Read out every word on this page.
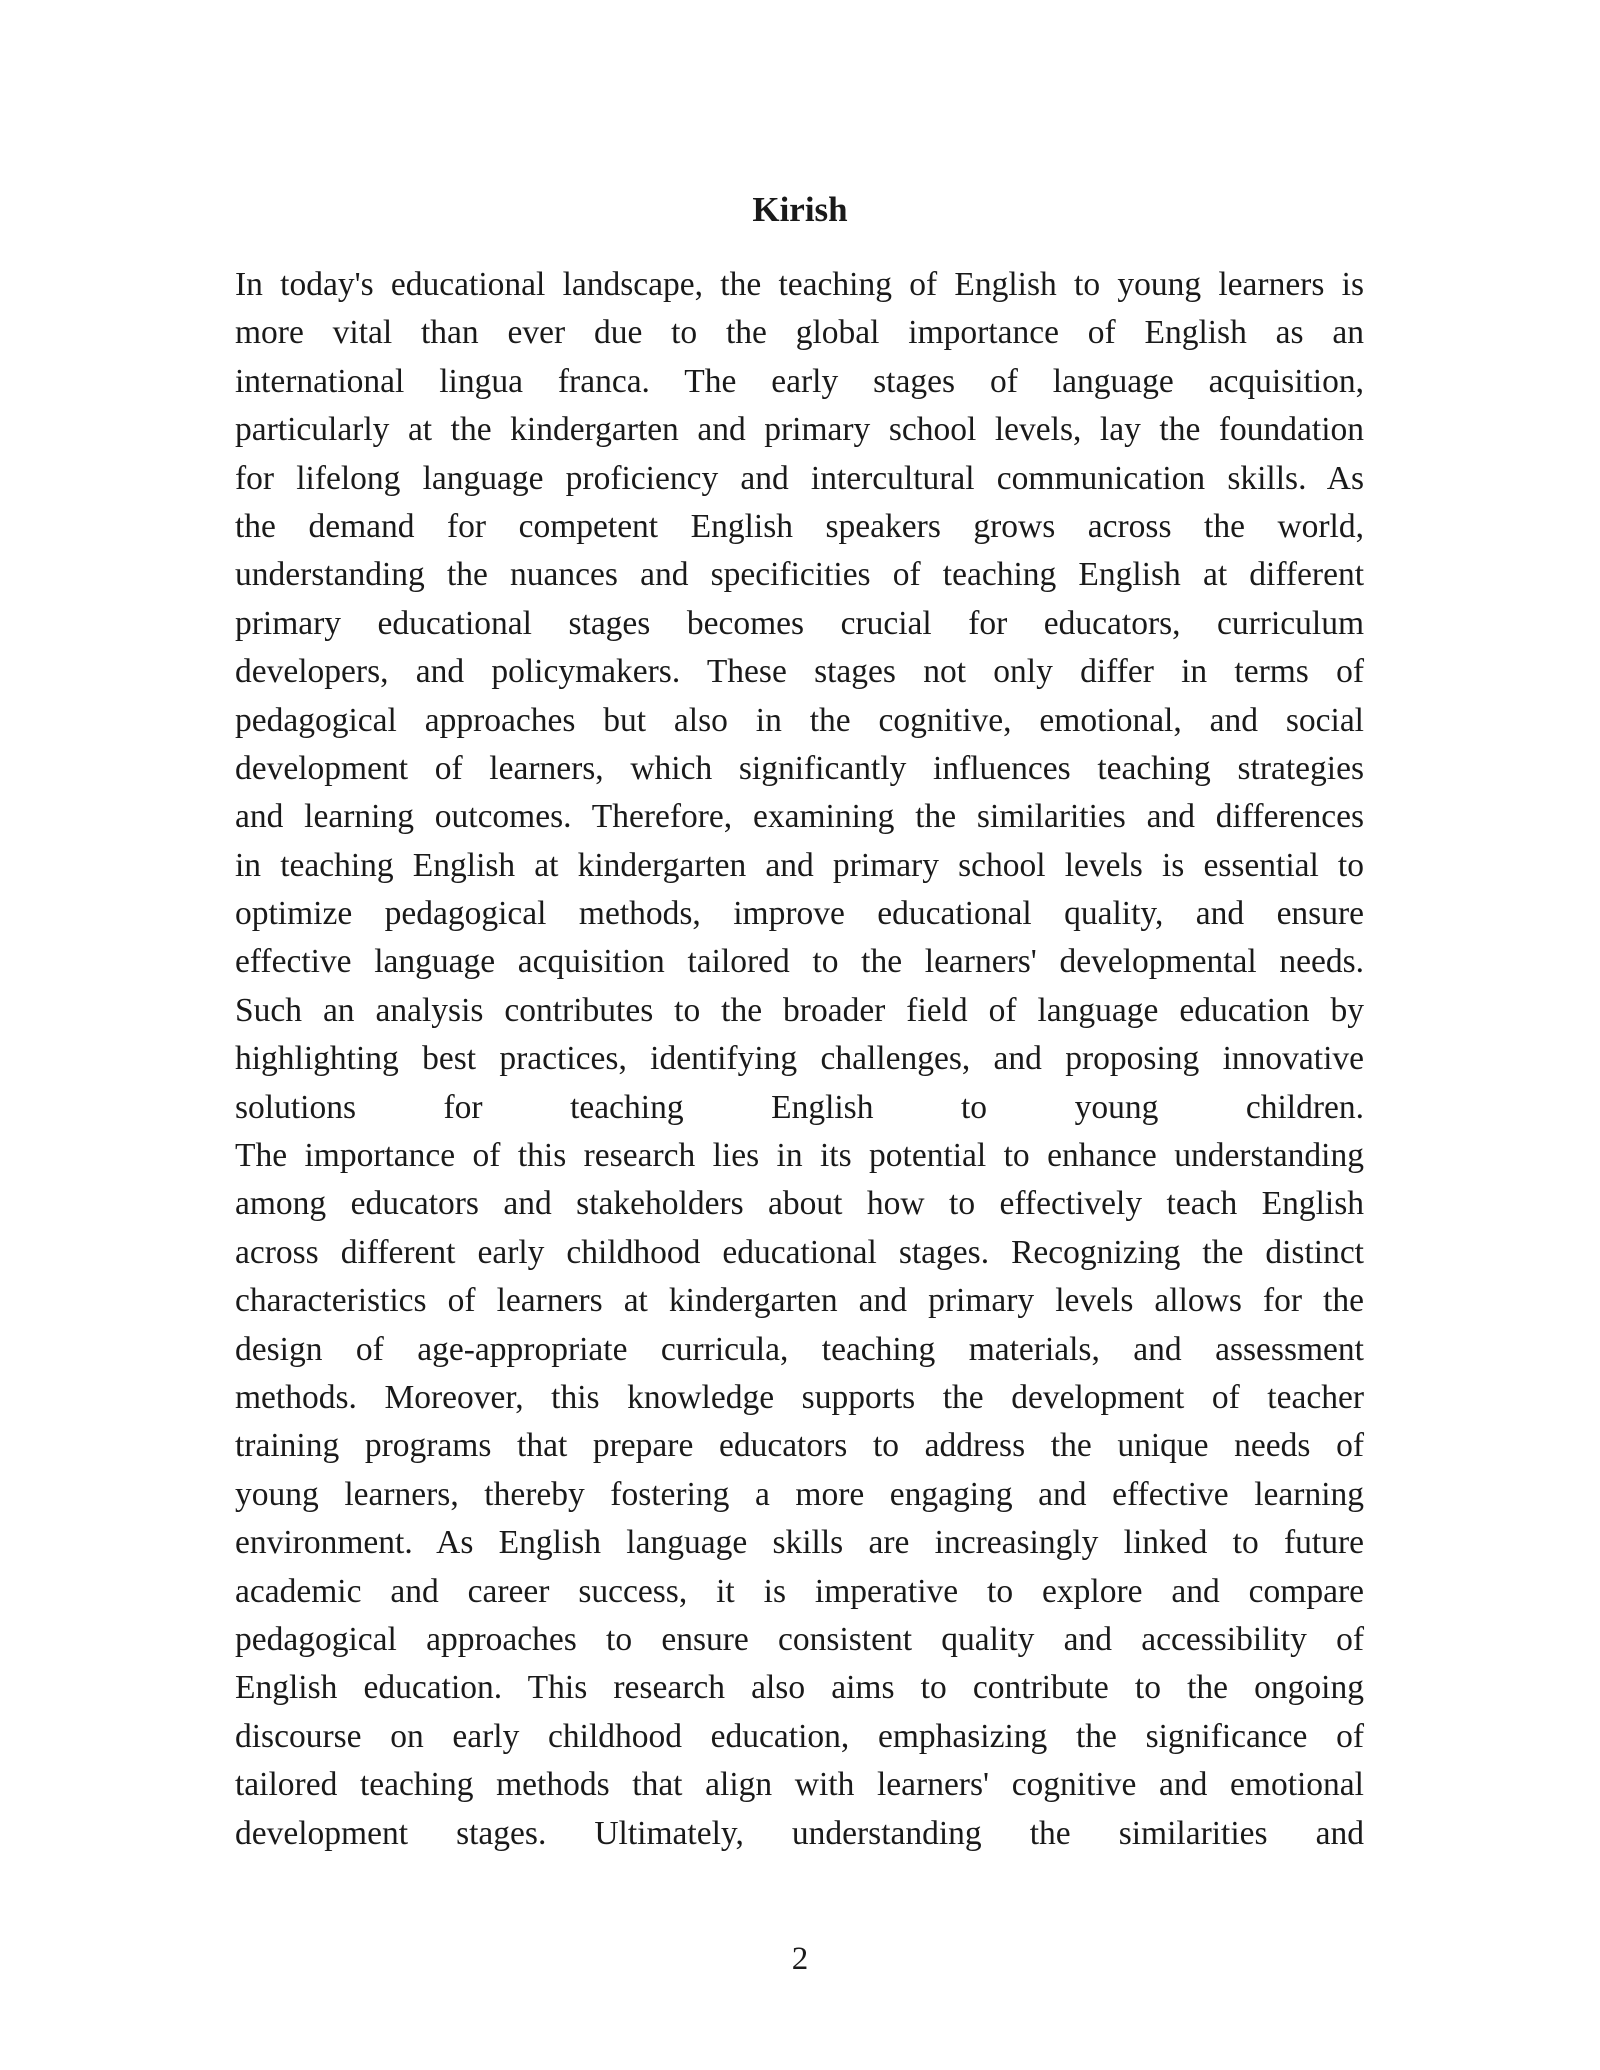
Kirish
In today's educational landscape, the teaching of English to young learners is
more vital than ever due to the global importance of English as an
international lingua franca. The early stages of language acquisition,
particularly at the kindergarten and primary school levels, lay the foundation
for lifelong language proficiency and intercultural communication skills. As
the demand for competent English speakers grows across the world,
understanding the nuances and specificities of teaching English at different
primary educational stages becomes crucial for educators, curriculum
developers, and policymakers. These stages not only differ in terms of
pedagogical approaches but also in the cognitive, emotional, and social
development of learners, which significantly influences teaching strategies
and learning outcomes. Therefore, examining the similarities and differences
in teaching English at kindergarten and primary school levels is essential to
optimize pedagogical methods, improve educational quality, and ensure
effective language acquisition tailored to the learners' developmental needs.
Such an analysis contributes to the broader field of language education by
highlighting best practices, identifying challenges, and proposing innovative
solutions for teaching English to young children.
The importance of this research lies in its potential to enhance understanding
among educators and stakeholders about how to effectively teach English
across different early childhood educational stages. Recognizing the distinct
characteristics of learners at kindergarten and primary levels allows for the
design of age-appropriate curricula, teaching materials, and assessment
methods. Moreover, this knowledge supports the development of teacher
training programs that prepare educators to address the unique needs of
young learners, thereby fostering a more engaging and effective learning
environment. As English language skills are increasingly linked to future
academic and career success, it is imperative to explore and compare
pedagogical approaches to ensure consistent quality and accessibility of
English education. This research also aims to contribute to the ongoing
discourse on early childhood education, emphasizing the significance of
tailored teaching methods that align with learners' cognitive and emotional
development stages. Ultimately, understanding the similarities and
2
